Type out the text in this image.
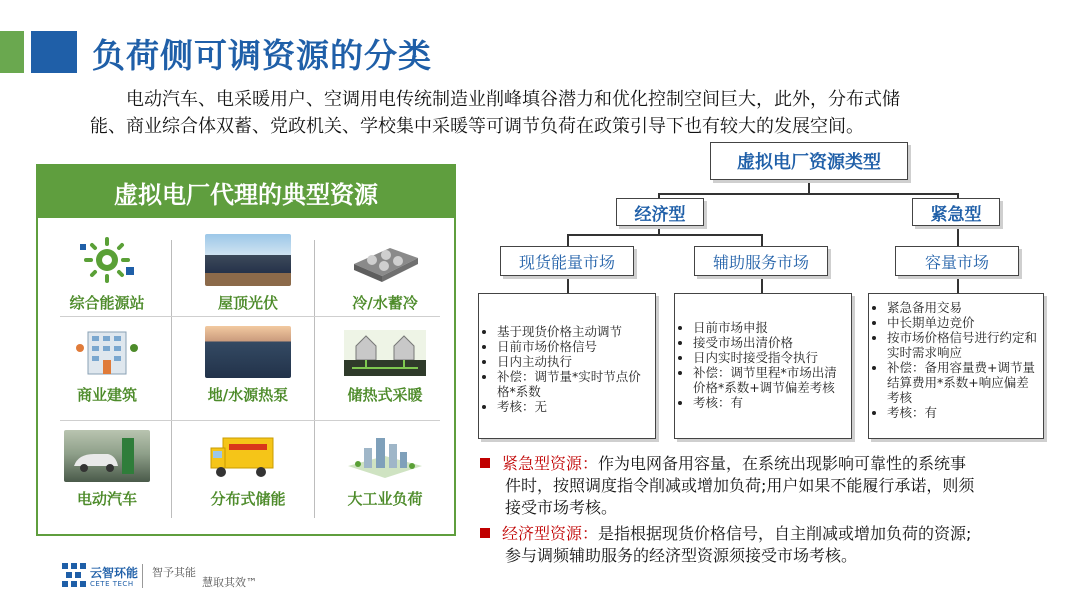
负荷侧可调资源的分类
电动汽车、电采暖用户、空调用电传统制造业削峰填谷潜力和优化控制空间巨大，此外，分布式储
能、商业综合体双蓄、党政机关、学校集中采暖等可调节负荷在政策引导下也有较大的发展空间。
虚拟电厂代理的典型资源
综合能源站	屋顶光伏	冷/水蓄冷
商业建筑	地/水源热泵	储热式采暖
电动汽车	分布式储能	大工业负荷
虚拟电厂资源类型
经济型	紧急型
现货能量市场	辅助服务市场	容量市场
• 基于现货价格主动调节
• 日前市场价格信号
• 日内主动执行
• 补偿：调节量*实时节点价格*系数
• 考核：无
• 日前市场申报
• 接受市场出清价格
• 日内实时接受指令执行
• 补偿：调节里程*市场出清价格*系数+调节偏差考核
• 考核：有
• 紧急备用交易
• 中长期单边竞价
• 按市场价格信号进行约定和实时需求响应
• 补偿：备用容量费+调节量结算费用*系数+响应偏差考核
• 考核：有
紧急型资源：作为电网备用容量，在系统出现影响可靠性的系统事
件时，按照调度指令削减或增加负荷;用户如果不能履行承诺，则须
接受市场考核。
经济型资源：是指根据现货价格信号，自主削减或增加负荷的资源;
参与调频辅助服务的经济型资源须接受市场考核。
云智环能
CETE TECH
智予其能
慧取其效™
